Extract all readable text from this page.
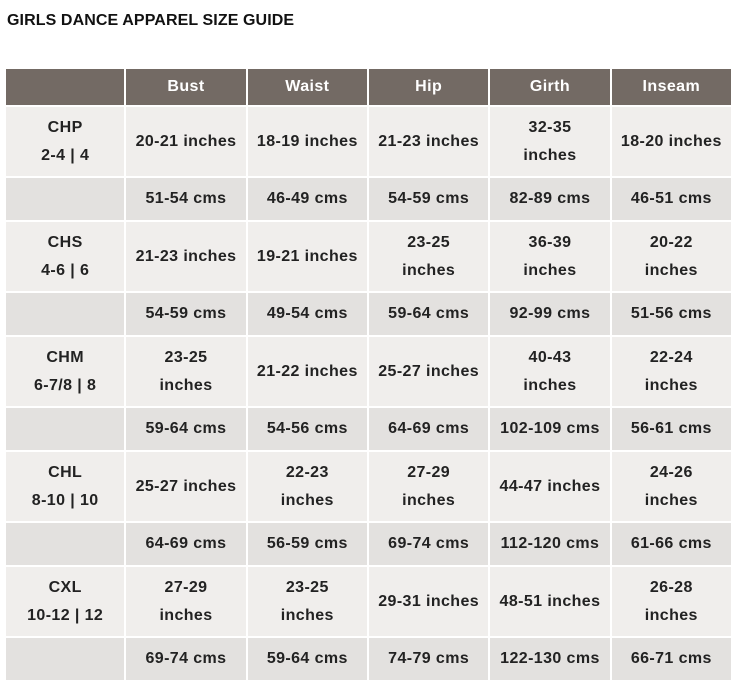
GIRLS DANCE APPAREL SIZE GUIDE
	Bust	Waist	Hip	Girth	Inseam

CHP
2-4 | 4	20-21 inches	18-19 inches	21-23 inches	32-35 inches	18-20 inches
	51-54 cms	46-49 cms	54-59 cms	82-89 cms	46-51 cms

CHS
4-6 | 6	21-23 inches	19-21 inches	23-25 inches	36-39 inches	20-22 inches
	54-59 cms	49-54 cms	59-64 cms	92-99 cms	51-56 cms

CHM
6-7/8 | 8	23-25 inches	21-22 inches	25-27 inches	40-43 inches	22-24 inches
	59-64 cms	54-56 cms	64-69 cms	102-109 cms	56-61 cms

CHL
8-10 | 10	25-27 inches	22-23 inches	27-29 inches	44-47 inches	24-26 inches
	64-69 cms	56-59 cms	69-74 cms	112-120 cms	61-66 cms

CXL
10-12 | 12	27-29 inches	23-25 inches	29-31 inches	48-51 inches	26-28 inches
	69-74 cms	59-64 cms	74-79 cms	122-130 cms	66-71 cms
